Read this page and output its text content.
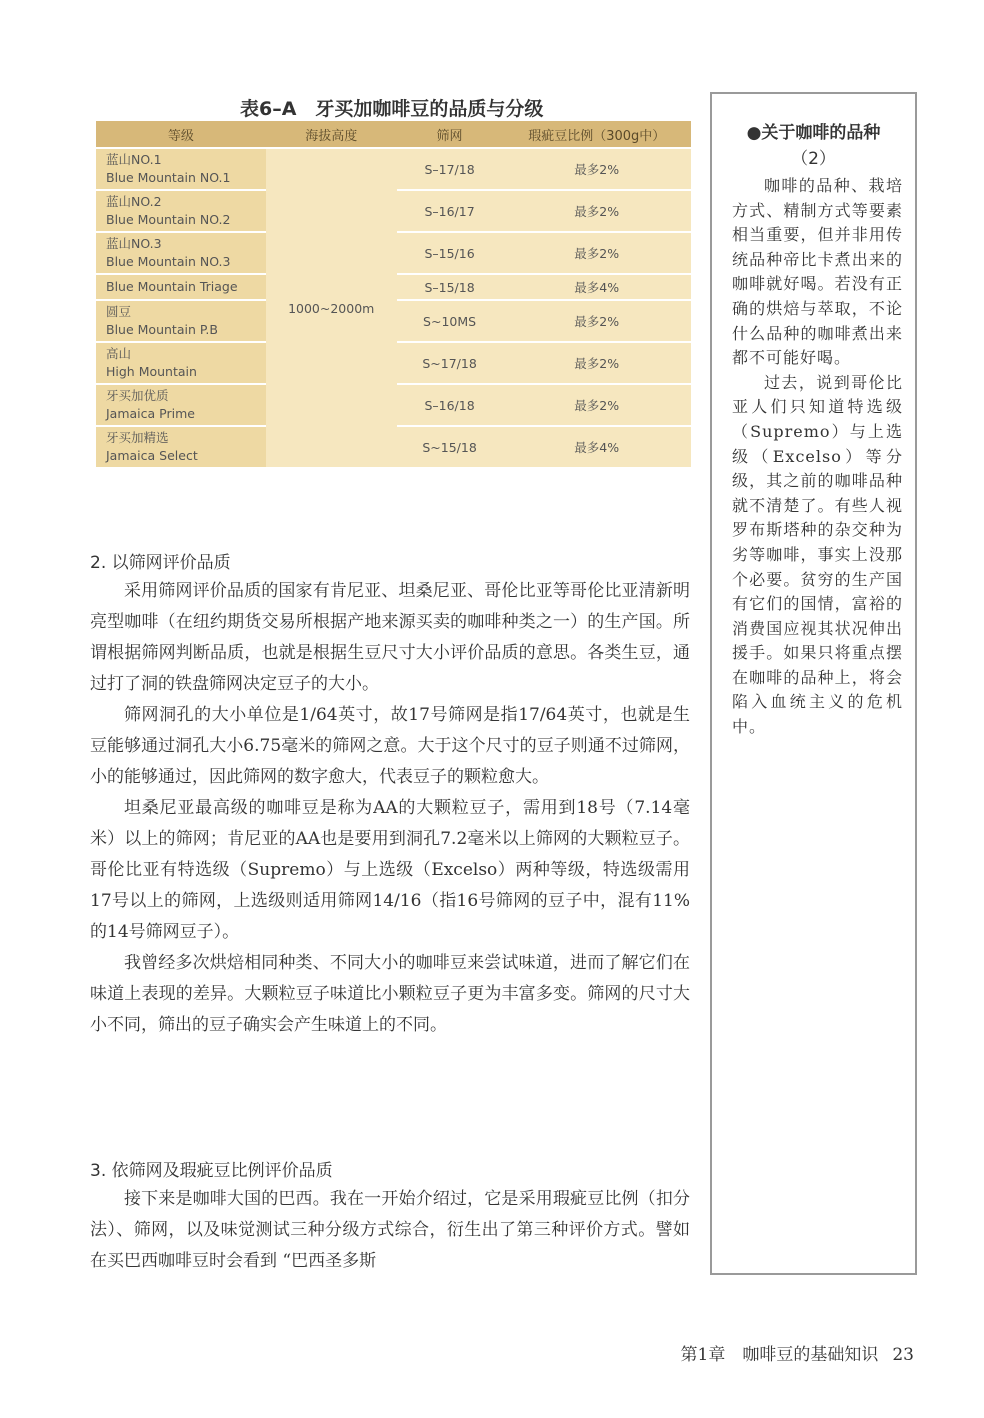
表6–A　牙买加咖啡豆的品质与分级
等级	海拔高度	筛网	瑕疵豆比例（300g中）

蓝山NO.1
Blue Mountain NO.1	1000~2000m	S–17/18	最多2%

蓝山NO.2
Blue Mountain NO.2		S–16/17	最多2%

蓝山NO.3
Blue Mountain NO.3		S–15/16	最多2%

Blue Mountain Triage		S–15/18	最多4%

圆豆
Blue Mountain P.B		S~10MS	最多2%

高山
High Mountain		S~17/18	最多2%

牙买加优质
Jamaica Prime		S–16/18	最多2%

牙买加精选
Jamaica Select		S~15/18	最多4%
2. 以筛网评价品质

采用筛网评价品质的国家有肯尼亚、坦桑尼亚、哥伦比亚等哥伦比亚清新明亮型咖啡（在纽约期货交易所根据产地来源买卖的咖啡种类之一）的生产国。所谓根据筛网判断品质，也就是根据生豆尺寸大小评价品质的意思。各类生豆，通过打了洞的铁盘筛网决定豆子的大小。

筛网洞孔的大小单位是1/64英寸，故17号筛网是指17/64英寸，也就是生豆能够通过洞孔大小6.75毫米的筛网之意。大于这个尺寸的豆子则通不过筛网，小的能够通过，因此筛网的数字愈大，代表豆子的颗粒愈大。

坦桑尼亚最高级的咖啡豆是称为AA的大颗粒豆子，需用到18号（7.14毫米）以上的筛网；肯尼亚的AA也是要用到洞孔7.2毫米以上筛网的大颗粒豆子。哥伦比亚有特选级（Supremo）与上选级（Excelso）两种等级，特选级需用17号以上的筛网，上选级则适用筛网14/16（指16号筛网的豆子中，混有11%的14号筛网豆子）。

我曾经多次烘焙相同种类、不同大小的咖啡豆来尝试味道，进而了解它们在味道上表现的差异。大颗粒豆子味道比小颗粒豆子更为丰富多变。筛网的尺寸大小不同，筛出的豆子确实会产生味道上的不同。

3. 依筛网及瑕疵豆比例评价品质

接下来是咖啡大国的巴西。我在一开始介绍过，它是采用瑕疵豆比例（扣分法）、筛网，以及味觉测试三种分级方式综合，衍生出了第三种评价方式。譬如在买巴西咖啡豆时会看到 “巴西圣多斯

●关于咖啡的品种
（2）

咖啡的品种、栽培方式、精制方式等要素相当重要，但并非用传统品种帝比卡煮出来的咖啡就好喝。若没有正确的烘焙与萃取，不论什么品种的咖啡煮出来都不可能好喝。

过去，说到哥伦比亚人们只知道特选级（Supremo）与上选级（Excelso）等分级，其之前的咖啡品种就不清楚了。有些人视罗布斯塔种的杂交种为劣等咖啡，事实上没那个必要。贫穷的生产国有它们的国情，富裕的消费国应视其状况伸出援手。如果只将重点摆在咖啡的品种上，将会陷入血统主义的危机中。

第1章　咖啡豆的基础知识 23
